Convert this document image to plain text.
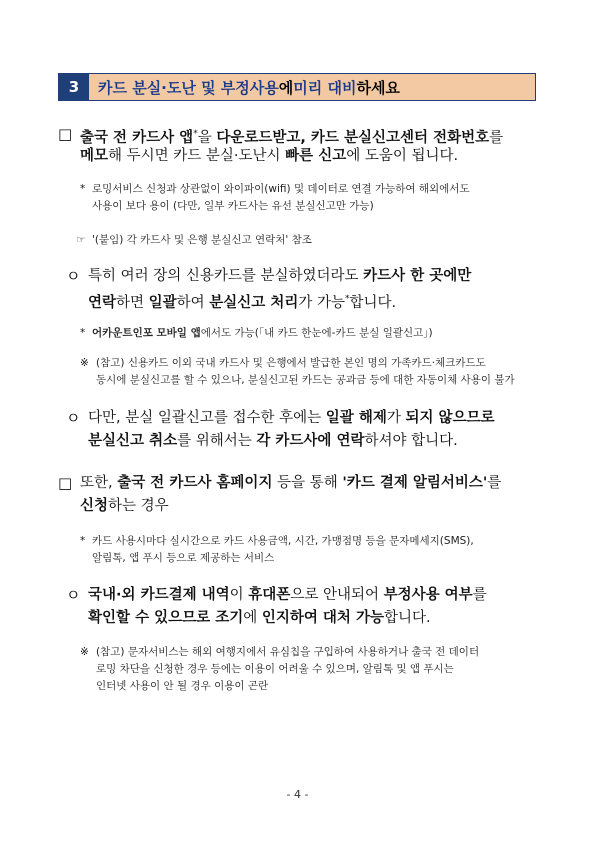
3	카드 분실·도난 및 부정사용 에 미리 대비 하세요
□ 출국 전 카드사 앱*을 다운로드받고, 카드 분실신고센터 전화번호를
메모해 두시면 카드 분실·도난시 빠른 신고에 도움이 됩니다.
* 로밍서비스 신청과 상관없이 와이파이(wifi) 및 데이터로 연결 가능하여 해외에서도
사용이 보다 용이 (다만, 일부 카드사는 유선 분실신고만 가능)
☞ '(붙임) 각 카드사 및 은행 분실신고 연락처' 참조
ㅇ 특히 여러 장의 신용카드를 분실하였더라도 카드사 한 곳에만
연락하면 일괄하여 분실신고 처리가 가능*합니다.
* 어카운트인포 모바일 앱에서도 가능(「내 카드 한눈에-카드 분실 일괄신고」)
※ (참고) 신용카드 이외 국내 카드사 및 은행에서 발급한 본인 명의 가족카드·체크카드도
동시에 분실신고를 할 수 있으나, 분실신고된 카드는 공과금 등에 대한 자동이체 사용이 불가
ㅇ 다만, 분실 일괄신고를 접수한 후에는 일괄 해제가 되지 않으므로
분실신고 취소를 위해서는 각 카드사에 연락하셔야 합니다.
□ 또한, 출국 전 카드사 홈페이지 등을 통해 '카드 결제 알림서비스'를
신청하는 경우
* 카드 사용시마다 실시간으로 카드 사용금액, 시간, 가맹점명 등을 문자메세지(SMS),
알림톡, 앱 푸시 등으로 제공하는 서비스
ㅇ 국내·외 카드결제 내역이 휴대폰으로 안내되어 부정사용 여부를
확인할 수 있으므로 조기에 인지하여 대처 가능합니다.
※ (참고) 문자서비스는 해외 여행지에서 유심칩을 구입하여 사용하거나 출국 전 데이터
로밍 차단을 신청한 경우 등에는 이용이 어려울 수 있으며, 알림톡 및 앱 푸시는
인터넷 사용이 안 될 경우 이용이 곤란
- 4 -
